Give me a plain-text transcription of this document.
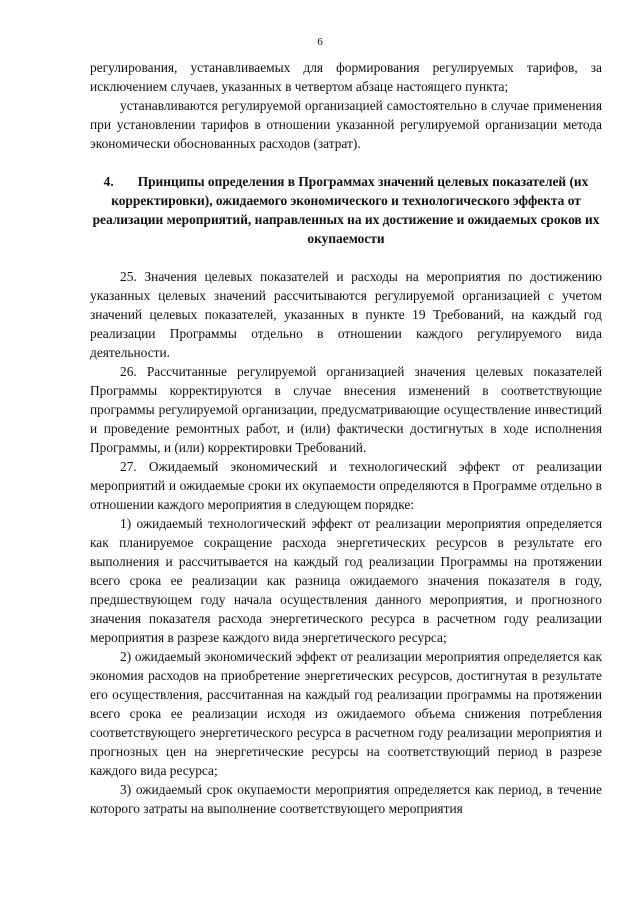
6

регулирования, устанавливаемых для формирования регулируемых тарифов, за исключением случаев, указанных в четвертом абзаце настоящего пункта;

устанавливаются регулируемой организацией самостоятельно в случае применения при установлении тарифов в отношении указанной регулируемой организации метода экономически обоснованных расходов (затрат).

4. Принципы определения в Программах значений целевых показателей (их корректировки), ожидаемого экономического и технологического эффекта от реализации мероприятий, направленных на их достижение и ожидаемых сроков их окупаемости

25. Значения целевых показателей и расходы на мероприятия по достижению указанных целевых значений рассчитываются регулируемой организацией с учетом значений целевых показателей, указанных в пункте 19 Требований, на каждый год реализации Программы отдельно в отношении каждого регулируемого вида деятельности.

26. Рассчитанные регулируемой организацией значения целевых показателей Программы корректируются в случае внесения изменений в соответствующие программы регулируемой организации, предусматривающие осуществление инвестиций и проведение ремонтных работ, и (или) фактически достигнутых в ходе исполнения Программы, и (или) корректировки Требований.

27. Ожидаемый экономический и технологический эффект от реализации мероприятий и ожидаемые сроки их окупаемости определяются в Программе отдельно в отношении каждого мероприятия в следующем порядке:

1) ожидаемый технологический эффект от реализации мероприятия определяется как планируемое сокращение расхода энергетических ресурсов в результате его выполнения и рассчитывается на каждый год реализации Программы на протяжении всего срока ее реализации как разница ожидаемого значения показателя в году, предшествующем году начала осуществления данного мероприятия, и прогнозного значения показателя расхода энергетического ресурса в расчетном году реализации мероприятия в разрезе каждого вида энергетического ресурса;

2) ожидаемый экономический эффект от реализации мероприятия определяется как экономия расходов на приобретение энергетических ресурсов, достигнутая в результате его осуществления, рассчитанная на каждый год реализации программы на протяжении всего срока ее реализации исходя из ожидаемого объема снижения потребления соответствующего энергетического ресурса в расчетном году реализации мероприятия и прогнозных цен на энергетические ресурсы на соответствующий период в разрезе каждого вида ресурса;

3) ожидаемый срок окупаемости мероприятия определяется как период, в течение которого затраты на выполнение соответствующего мероприятия
